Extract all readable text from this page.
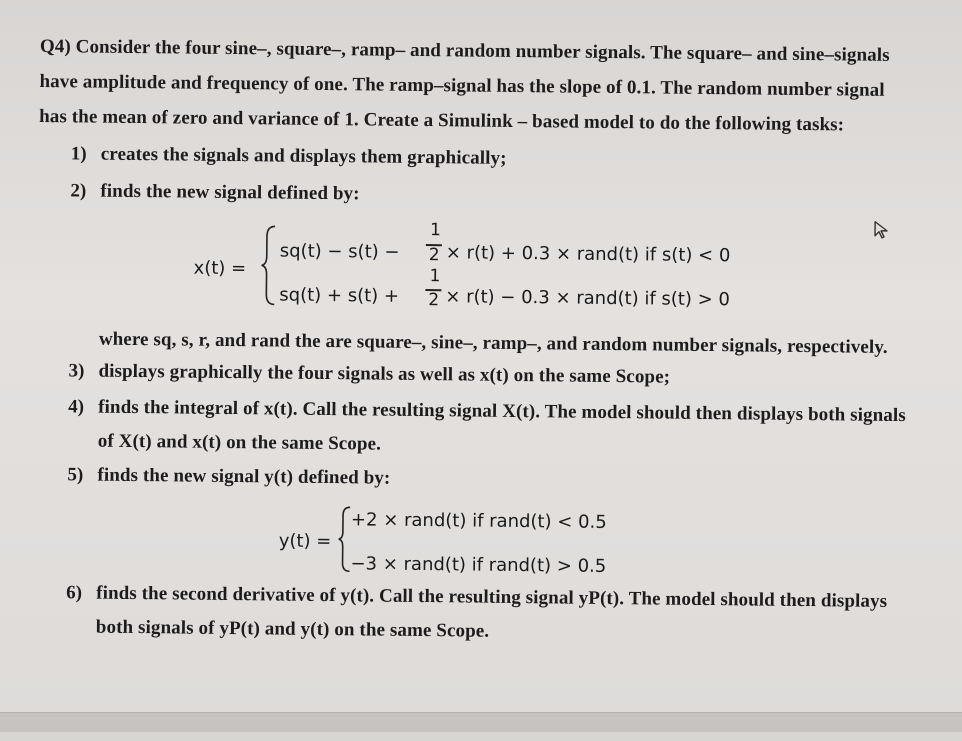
Q4) Consider the four sine–, square–, ramp– and random number signals. The square– and sine–signals
have amplitude and frequency of one. The ramp–signal has the slope of 0.1. The random number signal
has the mean of zero and variance of 1. Create a Simulink – based model to do the following tasks:
1) creates the signals and displays them graphically;
2) finds the new signal defined by:
x(t) =
sq(t) − s(t) −
1
2 × r(t) + 0.3 × rand(t) if s(t) < 0
sq(t) + s(t) +
1
2 × r(t) − 0.3 × rand(t) if s(t) > 0
where sq, s, r, and rand the are square–, sine–, ramp–, and random number signals, respectively.
3) displays graphically the four signals as well as x(t) on the same Scope;
4) finds the integral of x(t). Call the resulting signal X(t). The model should then displays both signals
of X(t) and x(t) on the same Scope.
5) finds the new signal y(t) defined by:
y(t) =
+2 × rand(t) if rand(t) < 0.5
−3 × rand(t) if rand(t) > 0.5
6) finds the second derivative of y(t). Call the resulting signal yP(t). The model should then displays
both signals of yP(t) and y(t) on the same Scope.
